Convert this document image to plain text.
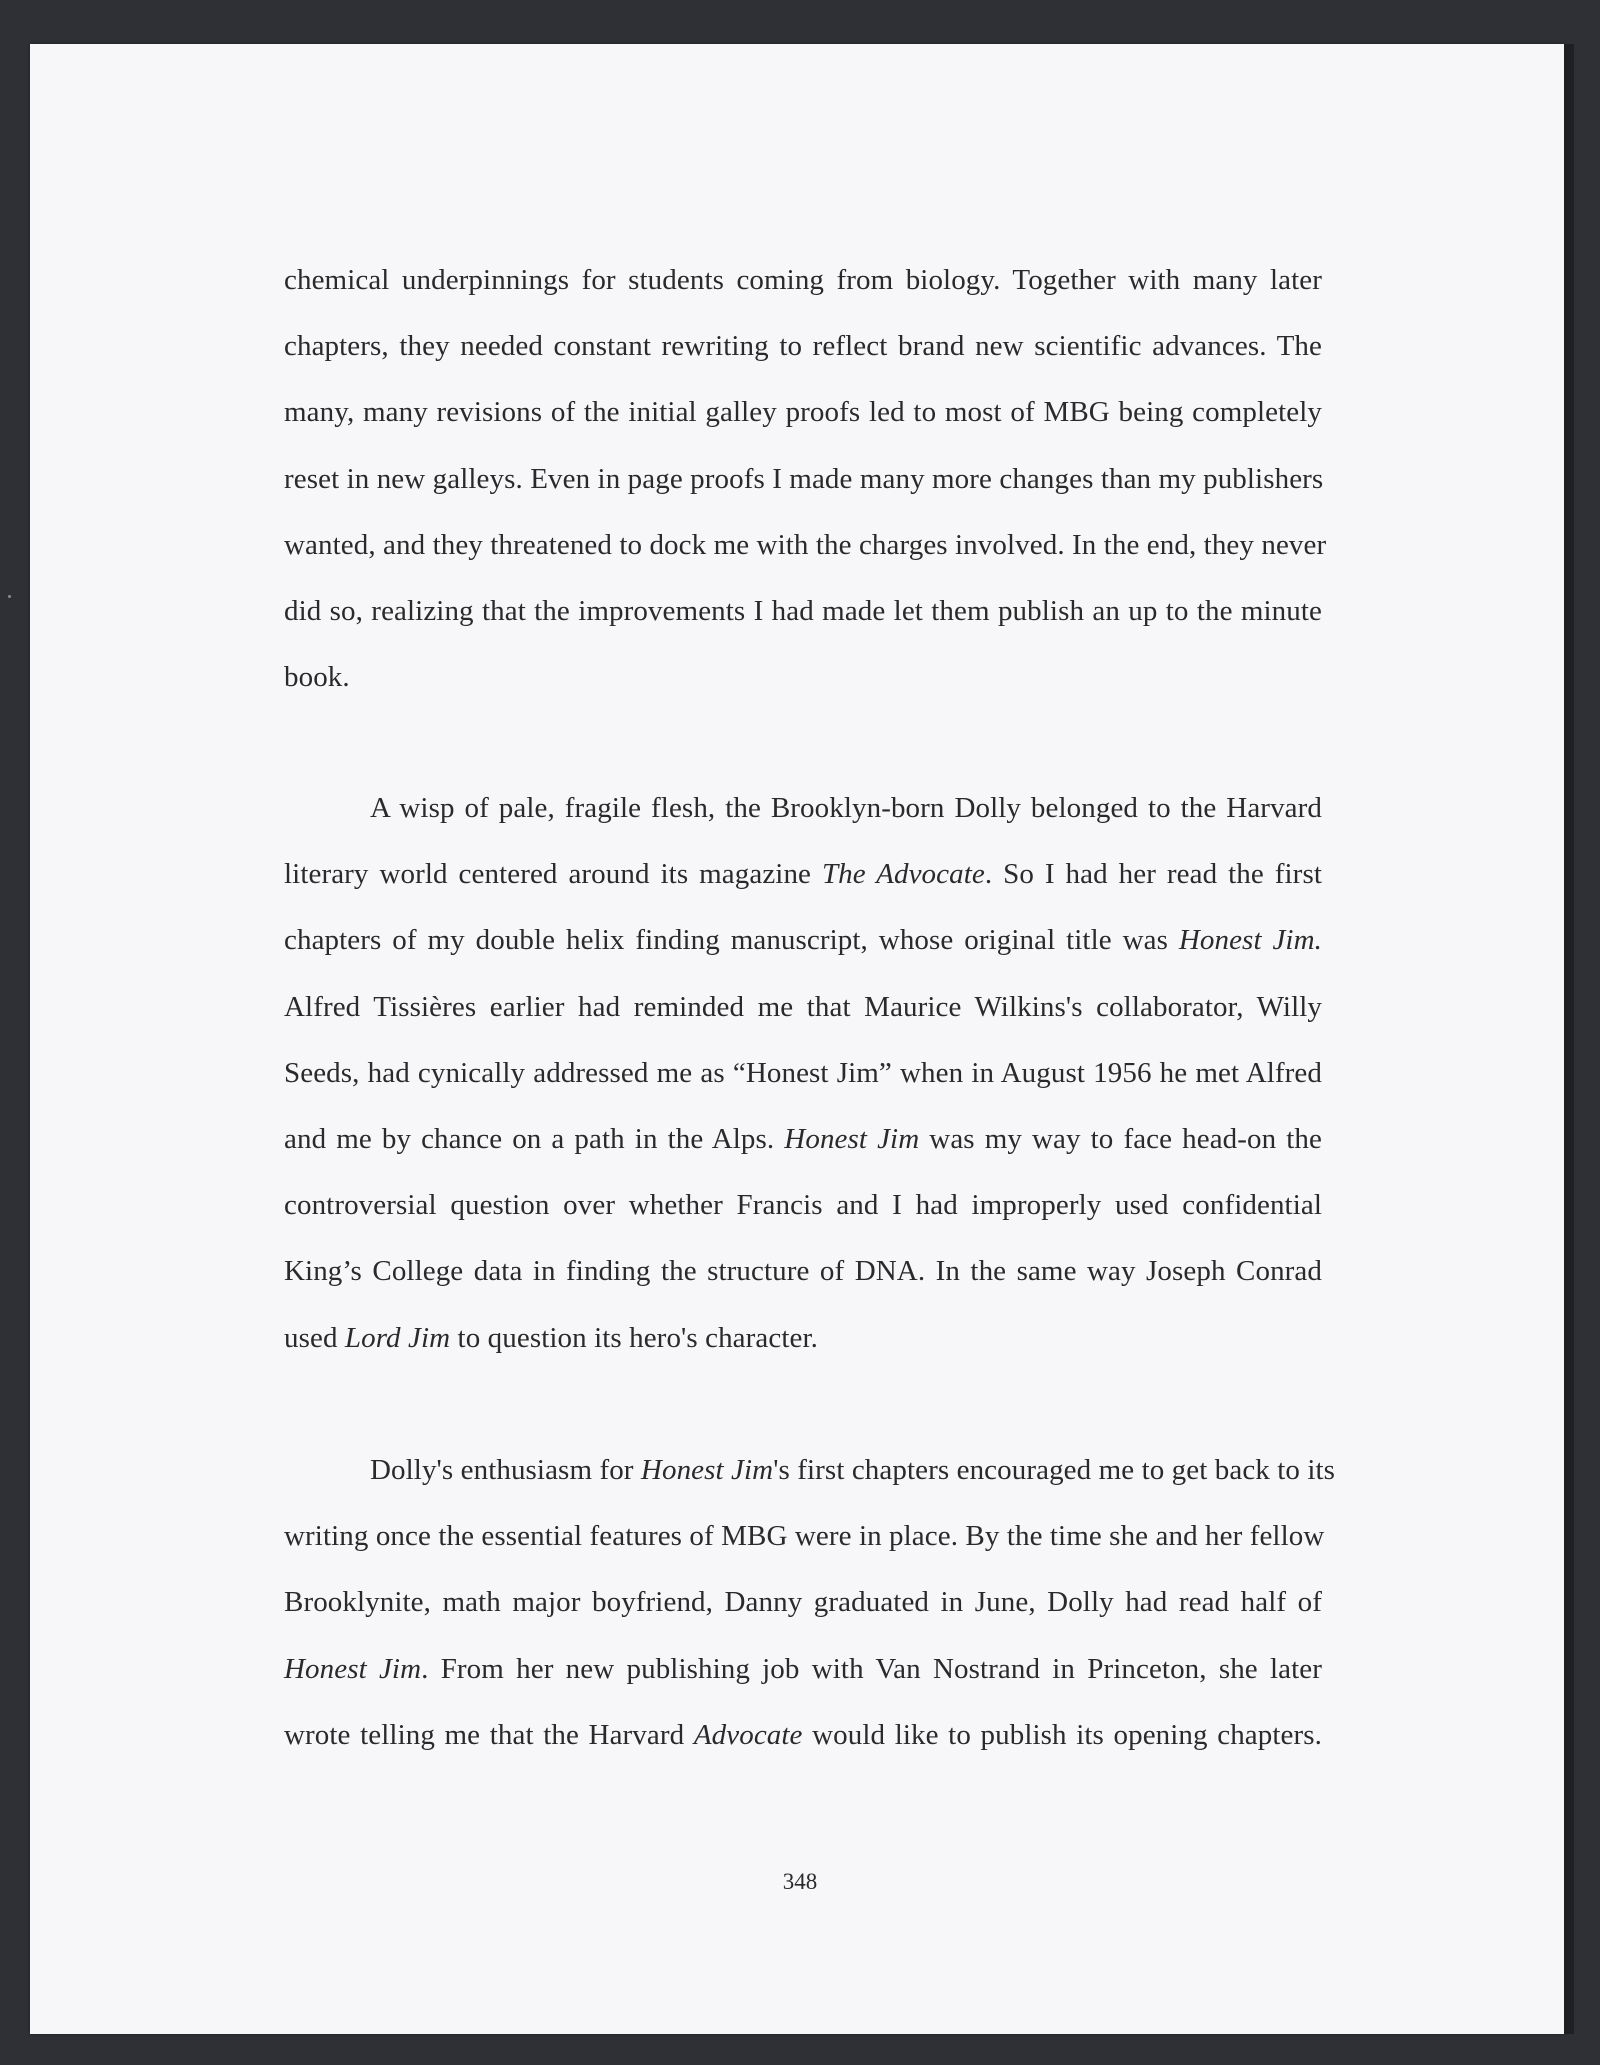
chemical underpinnings for students coming from biology. Together with many later
chapters, they needed constant rewriting to reflect brand new scientific advances. The
many, many revisions of the initial galley proofs led to most of MBG being completely
reset in new galleys. Even in page proofs I made many more changes than my publishers
wanted, and they threatened to dock me with the charges involved. In the end, they never
did so, realizing that the improvements I had made let them publish an up to the minute
book.
A wisp of pale, fragile flesh, the Brooklyn-born Dolly belonged to the Harvard
literary world centered around its magazine The Advocate. So I had her read the first
chapters of my double helix finding manuscript, whose original title was Honest Jim.
Alfred Tissières earlier had reminded me that Maurice Wilkins's collaborator, Willy
Seeds, had cynically addressed me as “Honest Jim” when in August 1956 he met Alfred
and me by chance on a path in the Alps. Honest Jim was my way to face head-on the
controversial question over whether Francis and I had improperly used confidential
King’s College data in finding the structure of DNA. In the same way Joseph Conrad
used Lord Jim to question its hero's character.
Dolly's enthusiasm for Honest Jim's first chapters encouraged me to get back to its
writing once the essential features of MBG were in place. By the time she and her fellow
Brooklynite, math major boyfriend, Danny graduated in June, Dolly had read half of
Honest Jim. From her new publishing job with Van Nostrand in Princeton, she later
wrote telling me that the Harvard Advocate would like to publish its opening chapters.
348
